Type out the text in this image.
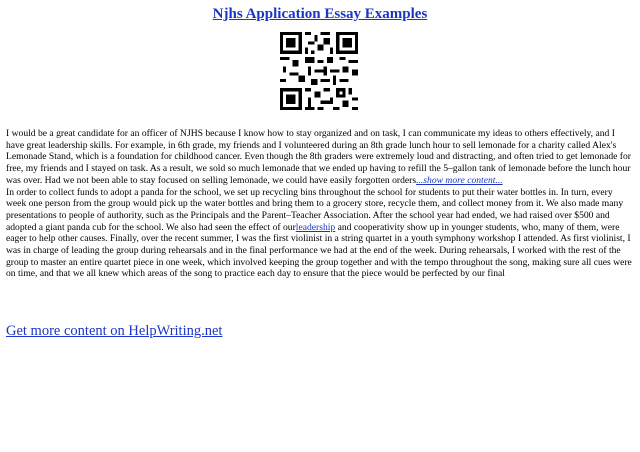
Njhs Application Essay Examples

I would be a great candidate for an officer of NJHS because I know how to stay organized and on task, I can communicate my ideas to others effectively, and I have great leadership skills. For example, in 6th grade, my friends and I volunteered during an 8th grade lunch hour to sell lemonade for a charity called Alex's Lemonade Stand, which is a foundation for childhood cancer. Even though the 8th graders were extremely loud and distracting, and often tried to get lemonade for free, my friends and I stayed on task. As a result, we sold so much lemonade that we ended up having to refill the 5–gallon tank of lemonade before the lunch hour was over. Had we not been able to stay focused on selling lemonade, we could have easily forgotten orders...show more content...

In order to collect funds to adopt a panda for the school, we set up recycling bins throughout the school for students to put their water bottles in. In turn, every week one person from the group would pick up the water bottles and bring them to a grocery store, recycle them, and collect money from it. We also made many presentations to people of authority, such as the Principals and the Parent–Teacher Association. After the school year had ended, we had raised over $500 and adopted a giant panda cub for the school. We also had seen the effect of ourleadership and cooperativity show up in younger students, who, many of them, were eager to help other causes. Finally, over the recent summer, I was the first violinist in a string quartet in a youth symphony workshop I attended. As first violinist, I was in charge of leading the group during rehearsals and in the final performance we had at the end of the week. During rehearsals, I worked with the rest of the group to master an entire quartet piece in one week, which involved keeping the group together and with the tempo throughout the song, making sure all cues were on time, and that we all knew which areas of the song to practice each day to ensure that the piece would be perfected by our final

Get more content on HelpWriting.net
